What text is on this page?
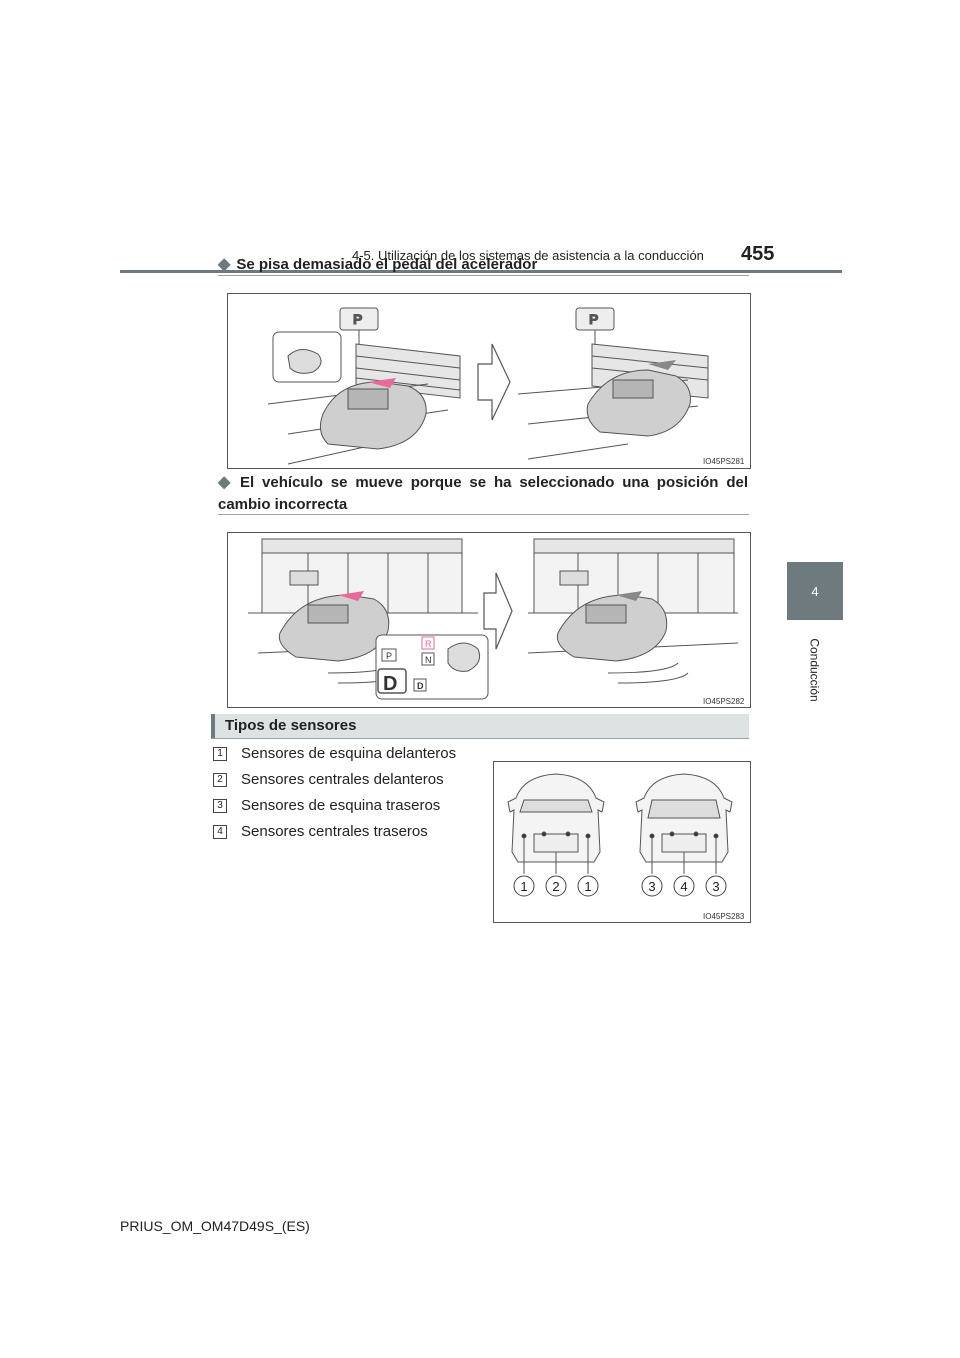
4-5. Utilización de los sistemas de asistencia a la conducción 455
4
Conducción
◆ Se pisa demasiado el pedal del acelerador
P	P
IO45PS281
◆ El vehículo se mueve porque se ha seleccionado una posición del cambio incorrecta
P
R
N
D
D
IO45PS282
Tipos de sensores
1 Sensores de esquina delanteros
2 Sensores centrales delanteros
3 Sensores de esquina traseros
4 Sensores centrales traseros
1 2 1	3 4 3
IO45PS283
PRIUS_OM_OM47D49S_(ES)
